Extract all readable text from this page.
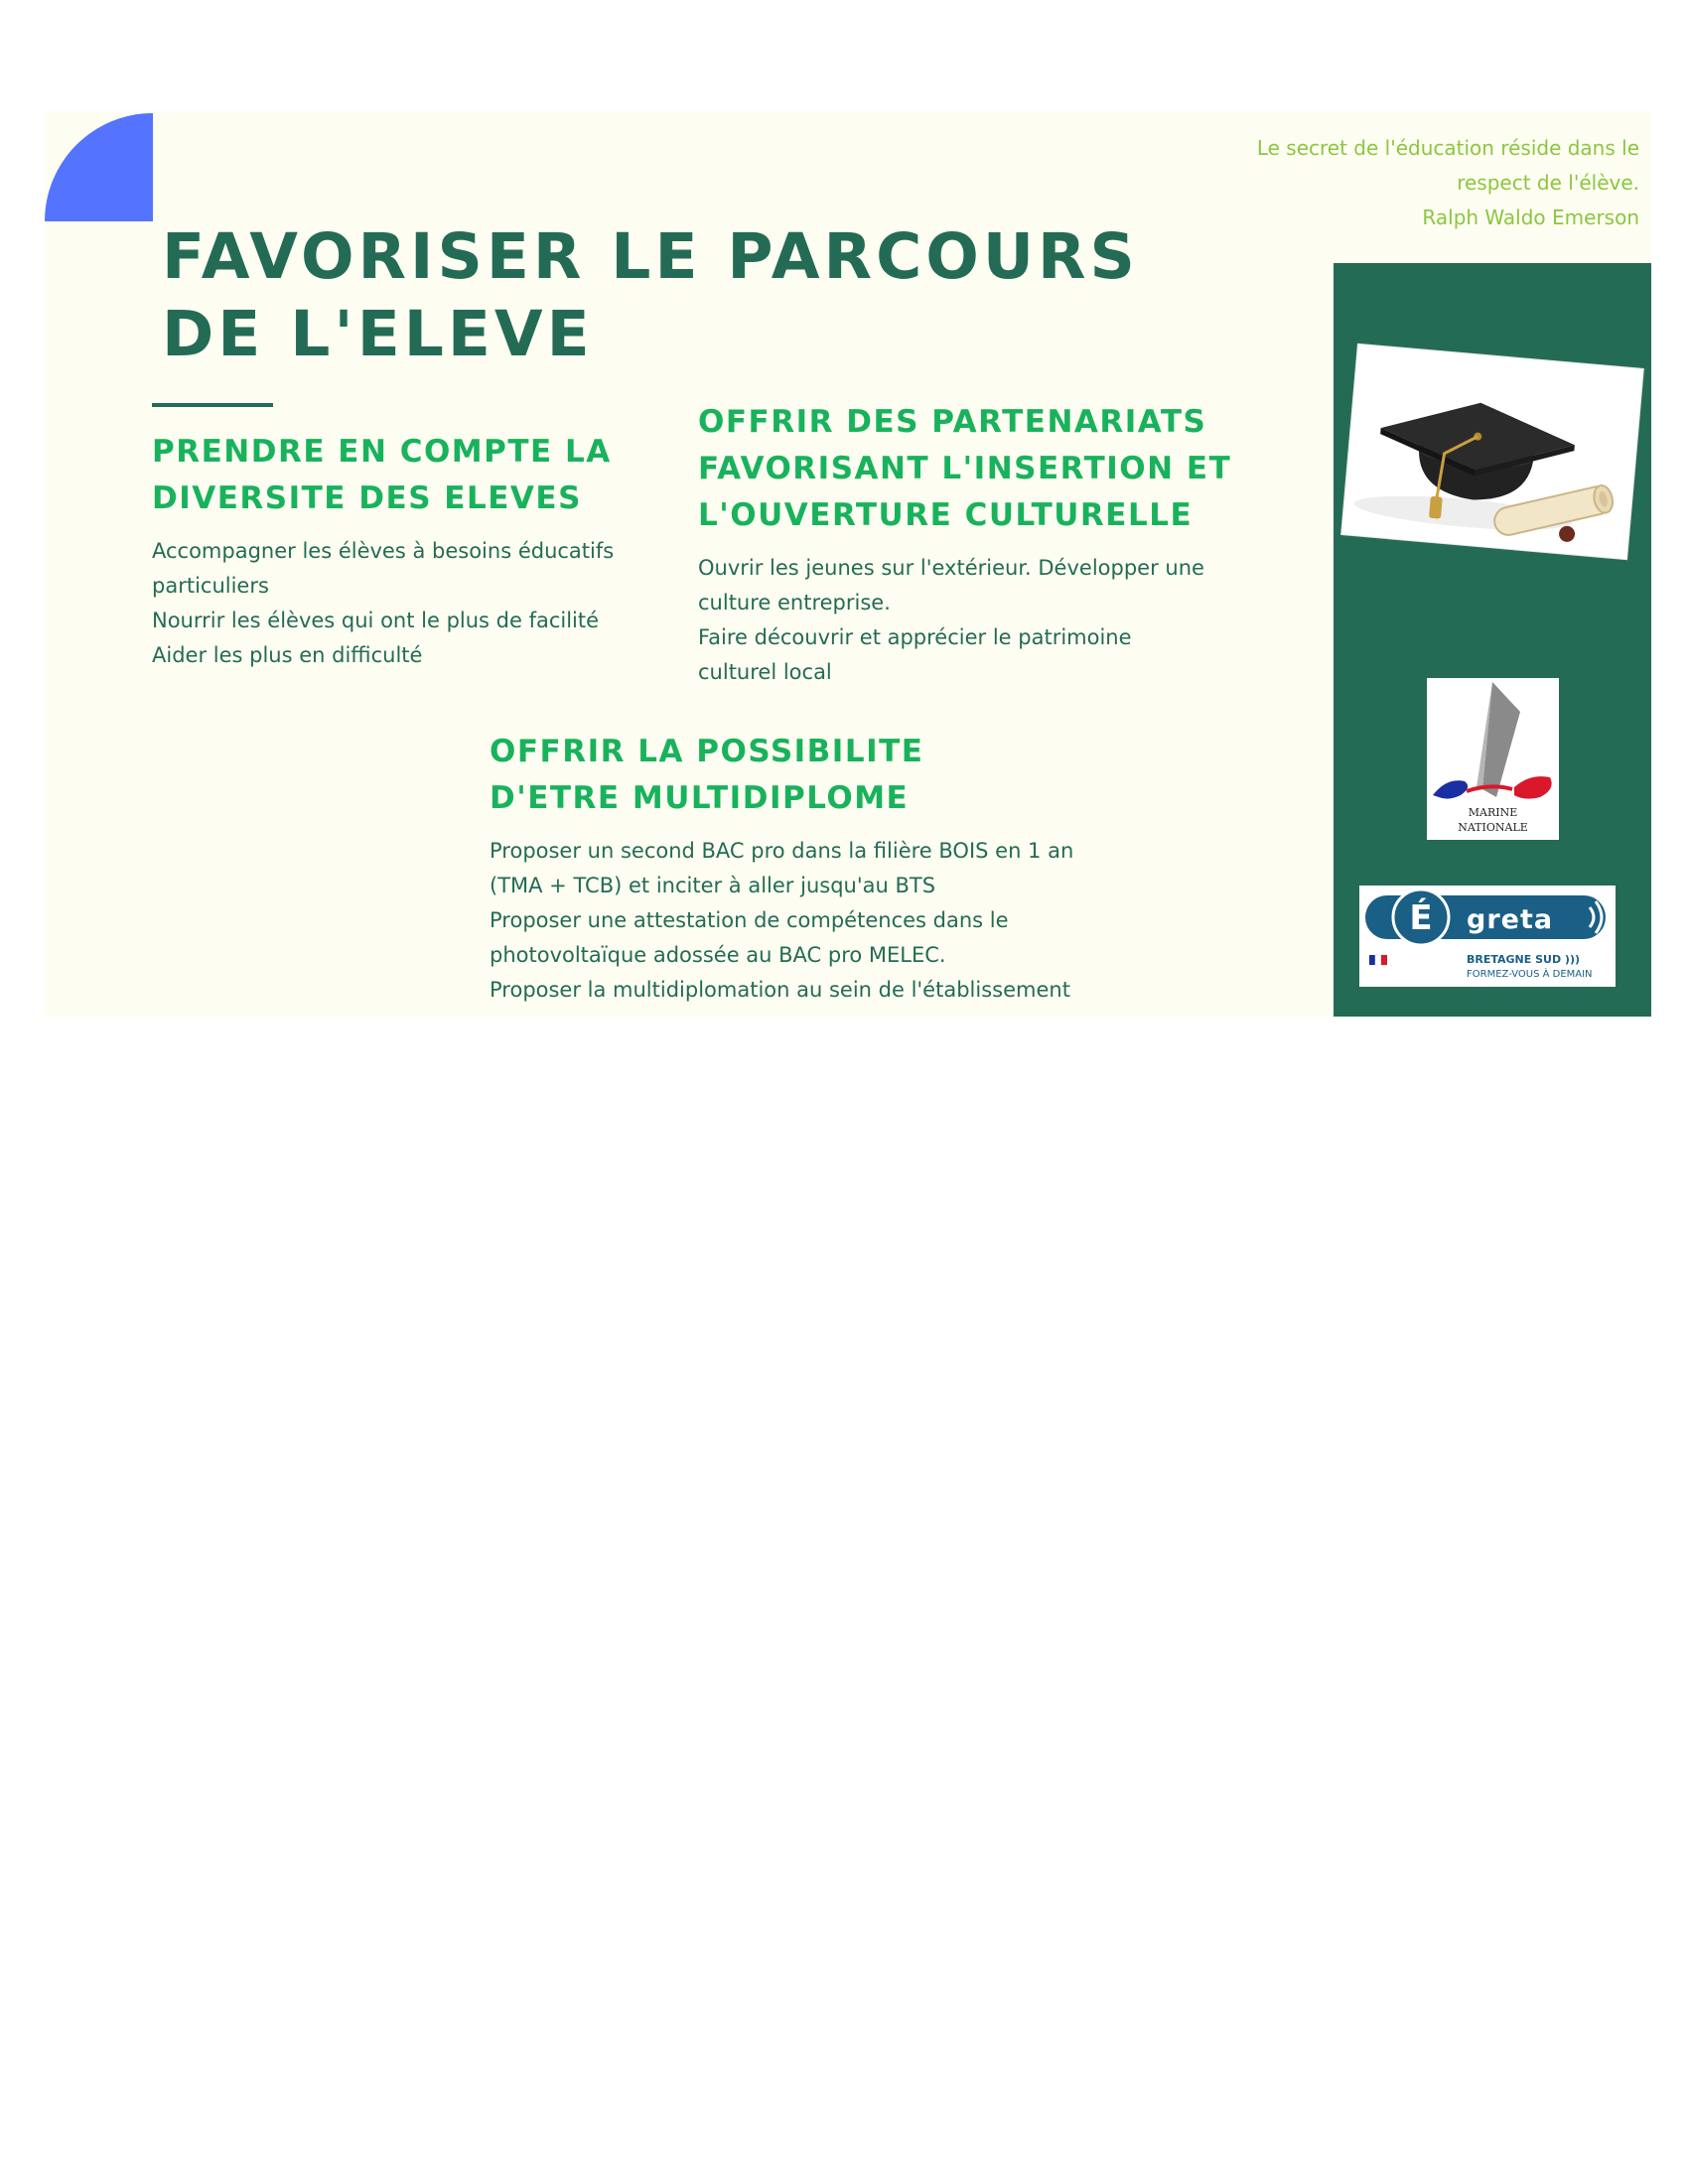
Le secret de l'éducation réside dans le
respect de l'élève.
Ralph Waldo Emerson
FAVORISER LE PARCOURS
DE L'ELEVE
PRENDRE EN COMPTE LA
DIVERSITE DES ELEVES
Accompagner les élèves à besoins éducatifs
particuliers
Nourrir les élèves qui ont le plus de facilité
Aider les plus en difficulté
OFFRIR DES PARTENARIATS
FAVORISANT L'INSERTION ET
L'OUVERTURE CULTURELLE
Ouvrir les jeunes sur l'extérieur. Développer une
culture entreprise.
Faire découvrir et apprécier le patrimoine
culturel local
OFFRIR LA POSSIBILITE
D'ETRE MULTIDIPLOME
Proposer un second BAC pro dans la filière BOIS en 1 an
(TMA + TCB) et inciter à aller jusqu'au BTS
Proposer une attestation de compétences dans le
photovoltaïque adossée au BAC pro MELEC.
Proposer la multidiplomation au sein de l'établissement
MARINE
NATIONALE
É greta
BRETAGNE SUD )))
FORMEZ-VOUS À DEMAIN
